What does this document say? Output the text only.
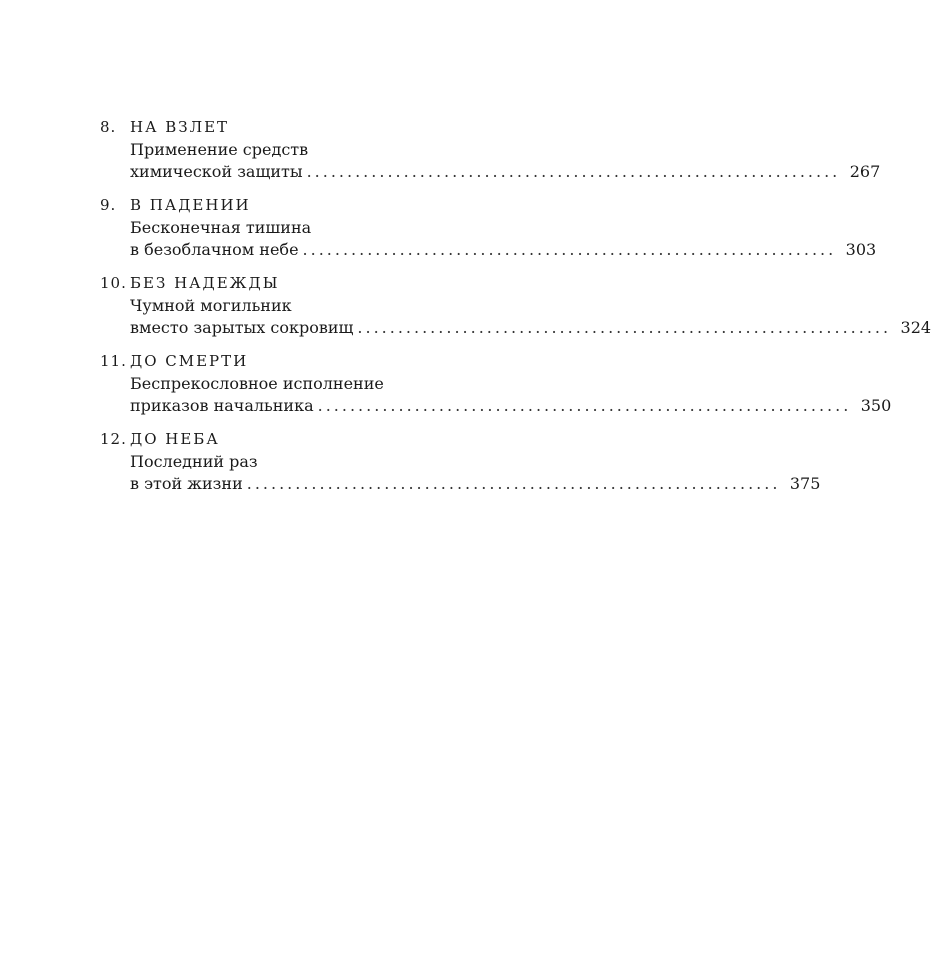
8. НА ВЗЛЕТ
Применение средств
химической защиты .................................................................. 267
9. В ПАДЕНИИ
Бесконечная тишина
в безоблачном небе .................................................................. 303
10. БЕЗ НАДЕЖДЫ
Чумной могильник
вместо зарытых сокровищ .................................................................. 324
11. ДО СМЕРТИ
Беспрекословное исполнение
приказов начальника .................................................................. 350
12. ДО НЕБА
Последний раз
в этой жизни .................................................................. 375
